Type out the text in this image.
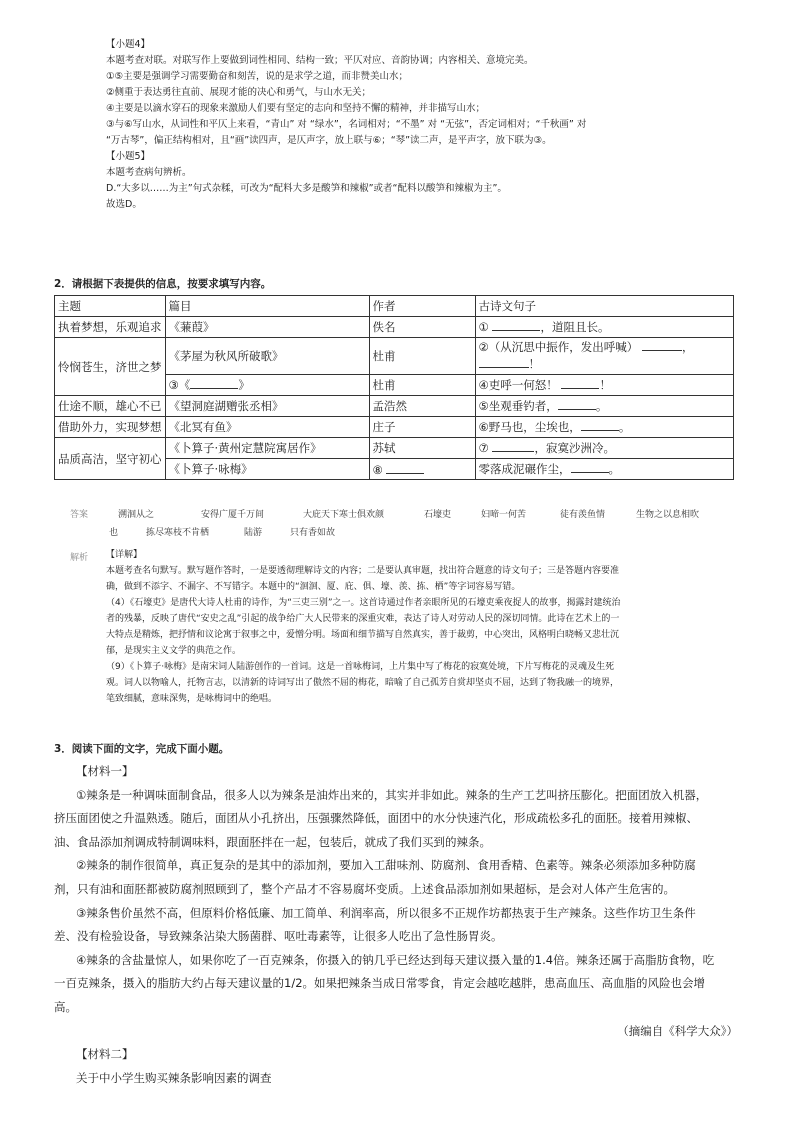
【小题4】
本题考查对联。对联写作上要做到词性相同、结构一致；平仄对应、音韵协调；内容相关、意境完美。
①⑤主要是强调学习需要勤奋和刻苦，说的是求学之道，而非赞美山水；
②侧重于表达勇往直前、展现才能的决心和勇气，与山水无关；
④主要是以滴水穿石的现象来激励人们要有坚定的志向和坚持不懈的精神，并非描写山水；
③与⑥写山水，从词性和平仄上来看，“青山” 对 “绿水”，名词相对；“不墨” 对 “无弦”，否定词相对；“千秋画” 对
“万古琴”，偏正结构相对，且“画”读四声，是仄声字，放上联与⑥；“琴”读二声，是平声字，放下联为③。
【小题5】
本题考查病句辨析。
D.“大多以……为主”句式杂糅，可改为“配料大多是酸笋和辣椒”或者“配料以酸笋和辣椒为主”。
故选D。
2．请根据下表提供的信息，按要求填写内容。
主题	篇目	作者	古诗文句子
执着梦想，乐观追求	《蒹葭》	佚名	① ，道阻且长。
怜悯苍生，济世之梦	《茅屋为秋风所破歌》	杜甫	②（从沉思中振作，发出呼喊） ，
！
	③《 》	杜甫	④吏呼一何怒！ ！
仕途不顺，雄心不已	《望洞庭湖赠张丞相》	孟浩然	⑤坐观垂钓者， 。
借助外力，实现梦想	《北冥有鱼》	庄子	⑥野马也，尘埃也， 。
品质高洁，坚守初心	《卜算子·黄州定慧院寓居作》	苏轼	⑦ ，寂寞沙洲冷。
	《卜算子·咏梅》	⑧	零落成泥碾作尘， 。
答案	溯洄从之	安得广厦千万间	大庇天下寒士俱欢颜	石壕吏	妇啼一何苦	徒有羡鱼情	生物之以息相吹
也	拣尽寒枝不肯栖	陆游	只有香如故
解析 【详解】
本题考查名句默写。默写题作答时，一是要透彻理解诗文的内容；二是要认真审题，找出符合题意的诗文句子；三是答题内容要准
确，做到不添字、不漏字、不写错字。本题中的“洄洄、厦、庇、俱、壕、羡、拣、栖”等字词容易写错。
（4）《石壕吏》是唐代大诗人杜甫的诗作，为“三吏三别”之一。这首诗通过作者亲眼所见的石壕吏乘夜捉人的故事，揭露封建统治
者的残暴，反映了唐代“安史之乱”引起的战争给广大人民带来的深重灾难，表达了诗人对劳动人民的深切同情。此诗在艺术上的一
大特点是精炼，把抒情和议论寓于叙事之中，爱憎分明。场面和细节描写自然真实，善于裁剪，中心突出，风格明白晓畅又悲壮沉
郁，是现实主义文学的典范之作。
（9）《卜算子·咏梅》是南宋词人陆游创作的一首词。这是一首咏梅词，上片集中写了梅花的寂寞处境，下片写梅花的灵魂及生死
观。词人以物喻人，托物言志，以清新的诗词写出了傲然不屈的梅花，暗喻了自己孤芳自赏却坚贞不屈，达到了物我融一的境界，
笔致细腻，意味深隽，是咏梅词中的绝唱。
3．阅读下面的文字，完成下面小题。

【材料一】

①辣条是一种调味面制食品，很多人以为辣条是油炸出来的，其实并非如此。辣条的生产工艺叫挤压膨化。把面团放入机器，

挤压面团使之升温熟透。随后，面团从小孔挤出，压强骤然降低，面团中的水分快速汽化，形成疏松多孔的面胚。接着用辣椒、

油、食品添加剂调成特制调味料，跟面胚拌在一起，包装后，就成了我们买到的辣条。

②辣条的制作很简单，真正复杂的是其中的添加剂，要加入工甜味剂、防腐剂、食用香精、色素等。辣条必须添加多种防腐

剂，只有油和面胚都被防腐剂照顾到了，整个产品才不容易腐坏变质。上述食品添加剂如果超标，是会对人体产生危害的。

③辣条售价虽然不高，但原料价格低廉、加工简单、利润率高，所以很多不正规作坊都热衷于生产辣条。这些作坊卫生条件

差、没有检验设备，导致辣条沾染大肠菌群、呕吐毒素等，让很多人吃出了急性肠胃炎。

④辣条的含盐量惊人，如果你吃了一百克辣条，你摄入的钠几乎已经达到每天建议摄入量的1.4倍。辣条还属于高脂肪食物，吃

一百克辣条，摄入的脂肪大约占每天建议量的1/2。如果把辣条当成日常零食，肯定会越吃越胖，患高血压、高血脂的风险也会增

高。

（摘编自《科学大众》）

【材料二】

关于中小学生购买辣条影响因素的调查
